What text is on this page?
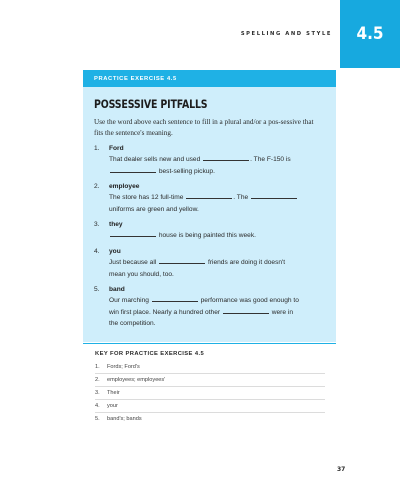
SPELLING AND STYLE	4.5
PRACTICE EXERCISE 4.5
POSSESSIVE PITFALLS
Use the word above each sentence to fill in a plural and/or a pos-sessive that fits the sentence's meaning.
1.	Ford
That dealer sells new and used	. The F-150 is
best-selling pickup.
2.	employee
The store has 12 full-time	. The
uniforms are green and yellow.
3.	they
house is being painted this week.
4.	you
Just because all	friends are doing it doesn't
mean you should, too.
5.	band
Our marching	performance was good enough to
win first place. Nearly a hundred other	were in
the competition.
KEY FOR PRACTICE EXERCISE 4.5
1. Fords; Ford's
2. employees; employees'
3. Their
4. your
5. band's; bands
37
